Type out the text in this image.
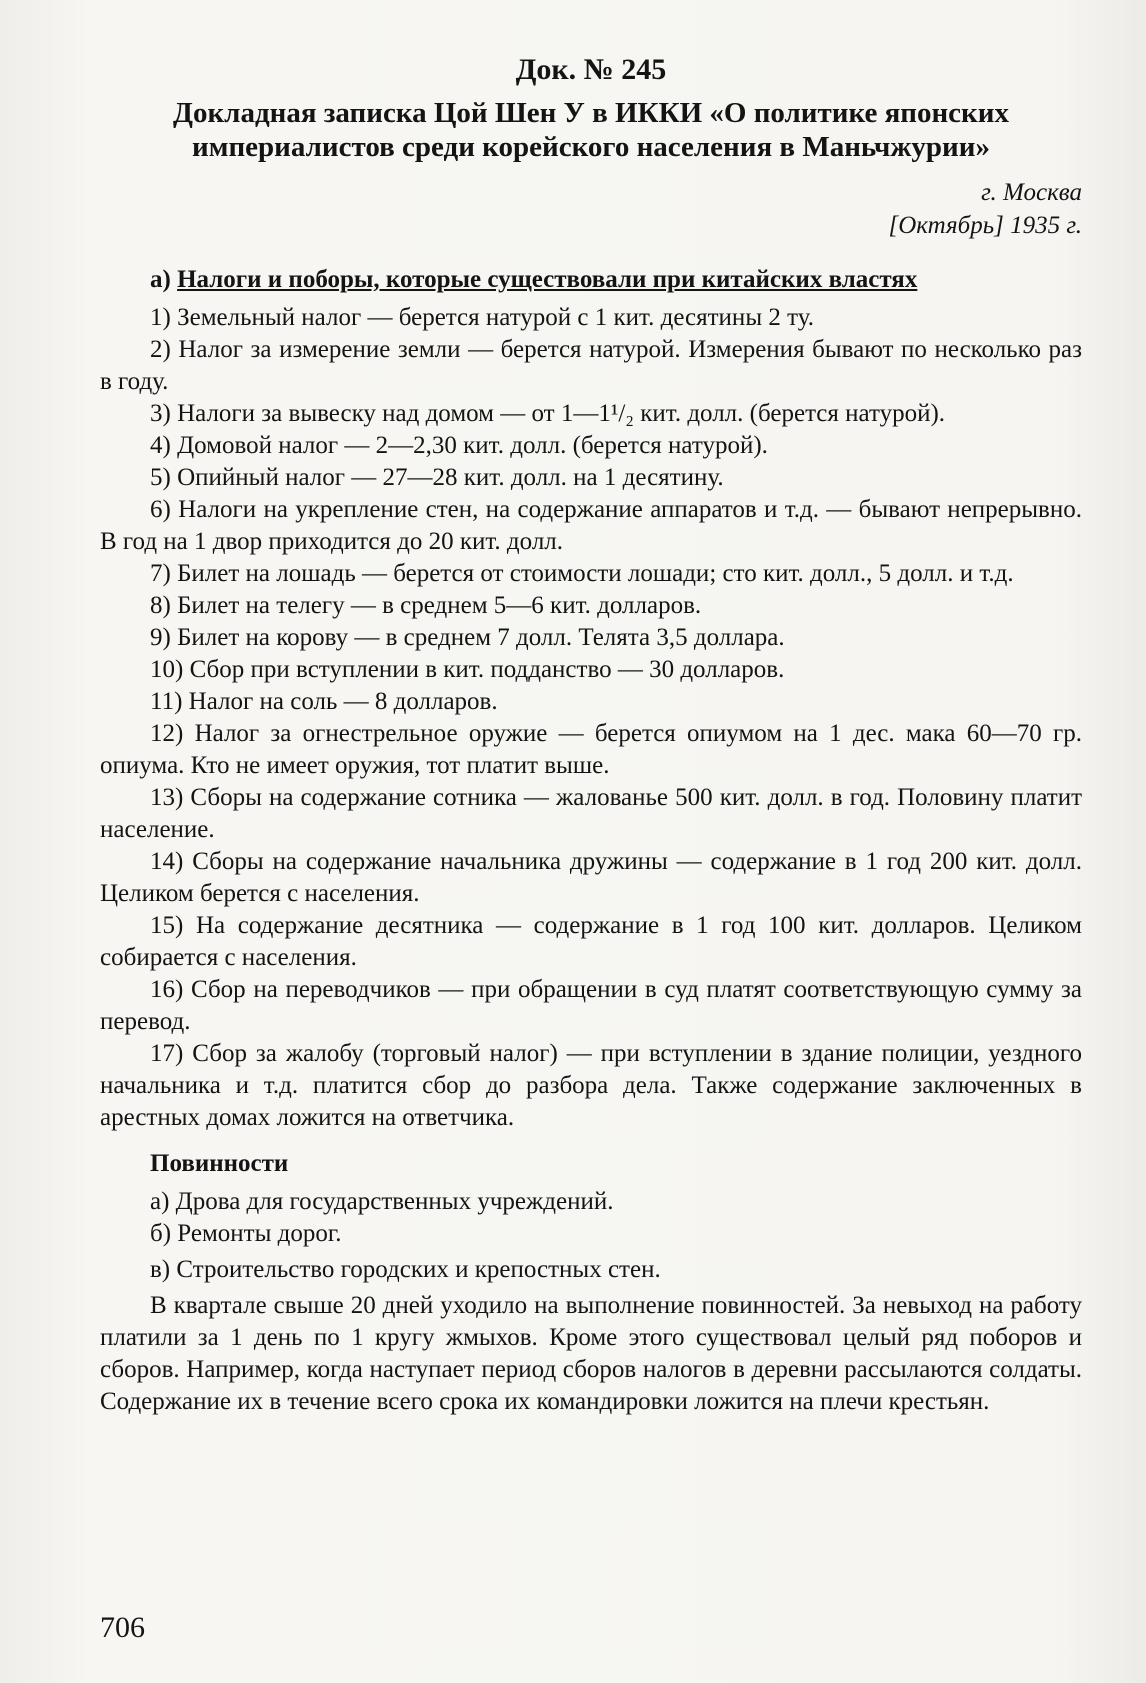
Док. № 245
Докладная записка Цой Шен У в ИККИ «О политике японских империалистов среди корейского населения в Маньчжурии»
г. Москва
[Октябрь] 1935 г.
а) Налоги и поборы, которые существовали при китайских властях

1) Земельный налог — берется натурой с 1 кит. десятины 2 ту.

2) Налог за измерение земли — берется натурой. Измерения бывают по несколько раз в году.

3) Налоги за вывеску над домом — от 1—1¹/₂ кит. долл. (берется натурой).

4) Домовой налог — 2—2,30 кит. долл. (берется натурой).

5) Опийный налог — 27—28 кит. долл. на 1 десятину.

6) Налоги на укрепление стен, на содержание аппаратов и т.д. — бывают непрерывно. В год на 1 двор приходится до 20 кит. долл.

7) Билет на лошадь — берется от стоимости лошади; сто кит. долл., 5 долл. и т.д.

8) Билет на телегу — в среднем 5—6 кит. долларов.

9) Билет на корову — в среднем 7 долл. Телята 3,5 доллара.

10) Сбор при вступлении в кит. подданство — 30 долларов.

11) Налог на соль — 8 долларов.

12) Налог за огнестрельное оружие — берется опиумом на 1 дес. мака 60—70 гр. опиума. Кто не имеет оружия, тот платит выше.

13) Сборы на содержание сотника — жалованье 500 кит. долл. в год. Половину платит население.

14) Сборы на содержание начальника дружины — содержание в 1 год 200 кит. долл. Целиком берется с населения.

15) На содержание десятника — содержание в 1 год 100 кит. долларов. Целиком собирается с населения.

16) Сбор на переводчиков — при обращении в суд платят соответствующую сумму за перевод.

17) Сбор за жалобу (торговый налог) — при вступлении в здание полиции, уездного начальника и т.д. платится сбор до разбора дела. Также содержание заключенных в арестных домах ложится на ответчика.

Повинности

а) Дрова для государственных учреждений.

б) Ремонты дорог.

в) Строительство городских и крепостных стен.

В квартале свыше 20 дней уходило на выполнение повинностей. За невыход на работу платили за 1 день по 1 кругу жмыхов. Кроме этого существовал целый ряд поборов и сборов. Например, когда наступает период сборов налогов в деревни рассылаются солдаты. Содержание их в течение всего срока их командировки ложится на плечи крестьян.

706
